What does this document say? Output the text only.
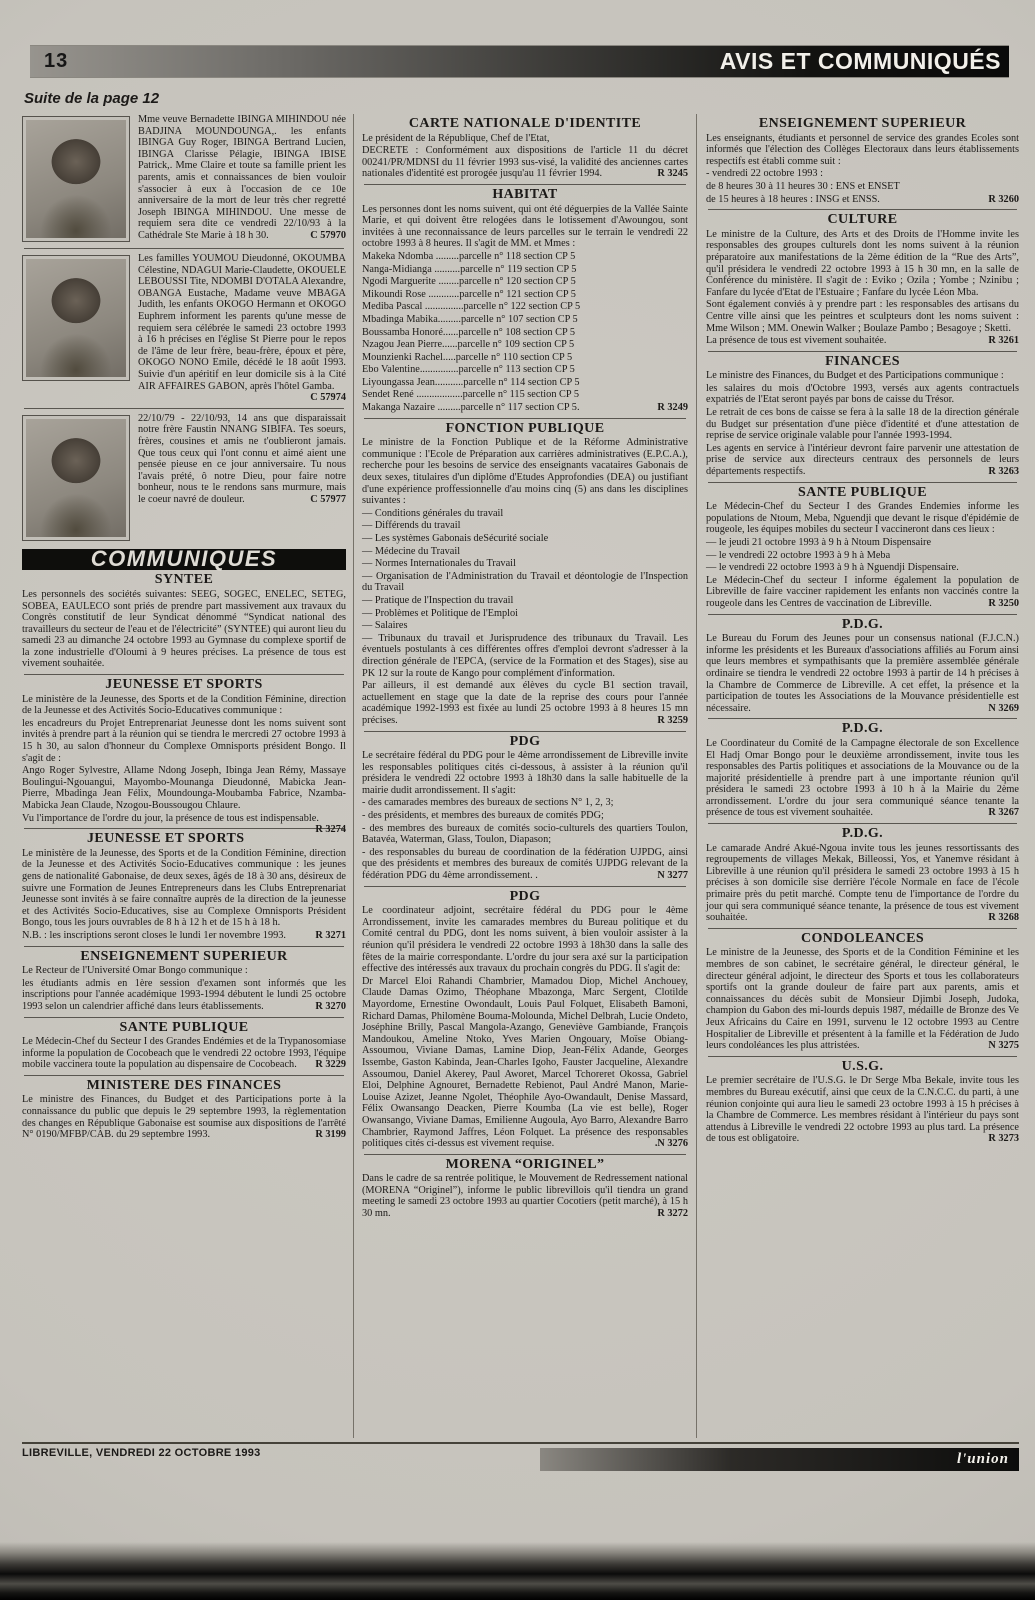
13	AVIS ET COMMUNIQUÉS
Suite de la page 12

Mme veuve Bernadette IBINGA MIHINDOU née BADJINA MOUNDOUNGA,. les enfants IBINGA Guy Roger, IBINGA Bertrand Lucien, IBINGA Clarisse Pélagie, IBINGA IBISE Patrick,. Mme Claire et toute sa famille prient les parents, amis et connaissances de bien vouloir s'associer à eux à l'occasion de ce 10e anniversaire de la mort de leur très cher regretté Joseph IBINGA MIHINDOU. Une messe de requiem sera dite ce vendredi 22/10/93 à la Cathédrale Ste Marie à 18 h 30.	C 57970

Les familles YOUMOU Dieudonné, OKOUMBA Célestine, NDAGUI Marie-Claudette, OKOUELE LEBOUSSI Tite, NDOMBI D'OTALA Alexandre, OBANGA Eustache, Madame veuve MBAGA Judith, les enfants OKOGO Hermann et OKOGO Euphrem informent les parents qu'une messe de requiem sera célébrée le samedi 23 octobre 1993 à 16 h précises en l'église St Pierre pour le repos de l'âme de leur frère, beau-frère, époux et père, OKOGO NONO Emile, décédé le 18 août 1993. Suivie d'un apéritif en leur domicile sis à la Cité AIR AFFAIRES GABON, après l'hôtel Gamba.
C 57974

22/10/79 - 22/10/93, 14 ans que disparaissait notre frère Faustin NNANG SIBIFA. Tes soeurs, frères, cousines et amis ne t'oublieront jamais. Que tous ceux qui l'ont connu et aimé aient une pensée pieuse en ce jour anniversaire. Tu nous l'avais prété, ô notre Dieu, pour faire notre bonheur, nous te le rendons sans murmure, mais le coeur navré de douleur.	C 57977

COMMUNIQUES
SYNTEE

Les personnels des sociétés suivantes: SEEG, SOGEC, ENELEC, SETEG, SOBEA, EAULECO sont priés de prendre part massivement aux travaux du Congrès constitutif de leur Syndicat dénommé “Syndicat national des travailleurs du secteur de l'eau et de l'électricité” (SYNTEE) qui auront lieu du samedi 23 au dimanche 24 octobre 1993 au Gymnase du complexe sportif de la zone industrielle d'Oloumi à 9 heures précises. La présence de tous est vivement souhaitée.

JEUNESSE ET SPORTS

Le ministère de la Jeunesse, des Sports et de la Condition Féminine, direction de la Jeunesse et des Activités Socio-Educatives communique :

les encadreurs du Projet Entreprenariat Jeunesse dont les noms suivent sont invités à prendre part à la réunion qui se tiendra le mercredi 27 octobre 1993 à 15 h 30, au salon d'honneur du Complexe Omnisports président Bongo. Il s'agit de :

Ango Roger Sylvestre, Allame Ndong Joseph, Ibinga Jean Rémy, Massaye Boulingui-Ngouangui, Mayombo-Mounanga Dieudonné, Mabicka Jean-Pierre, Mbadinga Jean Félix, Moundounga-Moubamba Fabrice, Nzamba-Mabicka Jean Claude, Nzogou-Boussougou Chlaure.

Vu l'importance de l'ordre du jour, la présence de tous est indispensable.
R 3274

JEUNESSE ET SPORTS

Le ministère de la Jeunesse, des Sports et de la Condition Féminine, direction de la Jeunesse et des Activités Socio-Educatives communique : les jeunes gens de nationalité Gabonaise, de deux sexes, âgés de 18 à 30 ans, désireux de suivre une Formation de Jeunes Entrepreneurs dans les Clubs Entreprenariat Jeunesse sont invités à se faire connaître auprès de la direction de la jeunesse et des Activités Socio-Educatives, sise au Complexe Omnisports Président Bongo, tous les jours ouvrables de 8 h à 12 h et de 15 h à 18 h.

N.B. : les inscriptions seront closes le lundi 1er novembre 1993.	R 3271

ENSEIGNEMENT SUPERIEUR

Le Recteur de l'Université Omar Bongo communique :

les étudiants admis en 1ère session d'examen sont informés que les inscriptions pour l'année académique 1993-1994 débutent le lundi 25 octobre 1993 selon un calendrier affiché dans leurs établissements.	R 3270

SANTE PUBLIQUE

Le Médecin-Chef du Secteur I des Grandes Endémies et de la Trypanosomiase informe la population de Cocobeach que le vendredi 22 octobre 1993, l'équipe mobile vaccinera toute la population au dispensaire de Cocobeach.	R 3229

MINISTERE DES FINANCES

Le ministre des Finances, du Budget et des Participations porte à la connaissance du public que depuis le 29 septembre 1993, la règlementation des changes en République Gabonaise est soumise aux dispositions de l'arrêté N° 0190/MFBP/CAB. du 29 septembre 1993.	R 3199

CARTE NATIONALE D'IDENTITE

Le président de la République, Chef de l'Etat,

DECRETE : Conformément aux dispositions de l'article 11 du décret 00241/PR/MDNSI du 11 février 1993 sus-visé, la validité des anciennes cartes nationales d'identité est prorogée jusqu'au 11 février 1994.	R 3245

HABITAT

Les personnes dont les noms suivent, qui ont été déguerpies de la Vallée Sainte Marie, et qui doivent être relogées dans le lotissement d'Awoungou, sont invitées à une reconnaissance de leurs parcelles sur le terrain le vendredi 22 octobre 1993 à 8 heures. Il s'agit de MM. et Mmes :

Makeka Ndomba .........parcelle n° 118 section CP 5

Nanga-Midianga ..........parcelle n° 119 section CP 5

Ngodi Marguerite ........parcelle n° 120 section CP 5

Mikoundi Rose ............parcelle n° 121 section CP 5

Mediba Pascal ...............parcelle n° 122 section CP 5

Mbadinga Mabika.........parcelle n° 107 section CP 5

Boussamba Honoré......parcelle n° 108 section CP 5

Nzagou Jean Pierre......parcelle n° 109 section CP 5

Mounzienki Rachel.....parcelle n° 110 section CP 5

Ebo Valentine...............parcelle n° 113 section CP 5

Liyoungassa Jean...........parcelle n° 114 section CP 5

Sendet René ..................parcelle n° 115 section CP 5

Makanga Nazaire .........parcelle n° 117 section CP 5.	R 3249

FONCTION PUBLIQUE

Le ministre de la Fonction Publique et de la Réforme Administrative communique : l'Ecole de Préparation aux carrières administratives (E.P.C.A.), recherche pour les besoins de service des enseignants vacataires Gabonais de deux sexes, titulaires d'un diplôme d'Etudes Approfondies (DEA) ou justifiant d'une expérience proffessionnelle d'au moins cinq (5) ans dans les disciplines suivantes :

— Conditions générales du travail

— Différends du travail

— Les systèmes Gabonais deSécurité sociale

— Médecine du Travail

— Normes Internationales du Travail

— Organisation de l'Administration du Travail et déontologie de l'Inspection du Travail

— Pratique de l'Inspection du travail

— Problèmes et Politique de l'Emploi

— Salaires

— Tribunaux du travail et Jurisprudence des tribunaux du Travail. Les éventuels postulants à ces différentes offres d'emploi devront s'adresser à la direction générale de l'EPCA, (service de la Formation et des Stages), sise au PK 12 sur la route de Kango pour complément d'information.

Par ailleurs, il est demandé aux élèves du cycle B1 section travail, actuellement en stage que la date de la reprise des cours pour l'année académique 1992-1993 est fixée au lundi 25 octobre 1993 à 8 heures 15 mn précises.	R 3259

PDG

Le secrétaire fédéral du PDG pour le 4ème arrondissement de Libreville invite les responsables politiques cités ci-dessous, à assister à la réunion qu'il présidera le vendredi 22 octobre 1993 à 18h30 dans la salle habituelle de la mairie dudit arrondissement. Il s'agit:

- des camarades membres des bureaux de sections N° 1, 2, 3;

- des présidents, et membres des bureaux de comités PDG;

- des membres des bureaux de comités socio-culturels des quartiers Toulon, Batavéa, Waterman, Glass, Toulon, Diapason;

- des responsables du bureau de coordination de la fédération UJPDG, ainsi que des présidents et membres des bureaux de comités UJPDG relevant de la fédération PDG du 4ème arrondissement. .	N 3277

PDG

Le coordinateur adjoint, secrétaire fédéral du PDG pour le 4ème Arrondissement, invite les camarades membres du Bureau politique et du Comité central du PDG, dont les noms suivent, à bien vouloir assister à la réunion qu'il présidera le vendredi 22 octobre 1993 à 18h30 dans la salle des fêtes de la mairie correspondante. L'ordre du jour sera axé sur la participation effective des intéressés aux travaux du prochain congrès du PDG. Il s'agit de:

Dr Marcel Eloi Rahandi Chambrier, Mamadou Diop, Michel Anchouey, Claude Damas Ozimo, Théophane Mbazonga, Marc Sergent, Clotilde Mayordome, Ernestine Owondault, Louis Paul Folquet, Elisabeth Bamoni, Richard Damas, Philomène Bouma-Molounda, Michel Delbrah, Lucie Ondeto, Joséphine Brilly, Pascal Mangola-Azango, Geneviève Gambiande, François Mandoukou, Ameline Ntoko, Yves Marien Ongouary, Moïse Obiang-Assoumou, Viviane Damas, Lamine Diop, Jean-Félix Adande, Georges Issembe, Gaston Kabinda, Jean-Charles Igoho, Fauster Jacqueline, Alexandre Assoumou, Daniel Akerey, Paul Aworet, Marcel Tchoreret Okossa, Gabriel Eloi, Delphine Agnouret, Bernadette Rebienot, Paul André Manon, Marie-Louise Azizet, Jeanne Ngolet, Théophile Ayo-Owandault, Denise Massard, Félix Owansango Deacken, Pierre Koumba (La vie est belle), Roger Owansango, Viviane Damas, Emilienne Augoula, Ayo Barro, Alexandre Barro Chambrier, Raymond Jaffres, Léon Folquet. La présence des responsables politiques cités ci-dessus est vivement requise.	.N 3276

MORENA “ORIGINEL”

Dans le cadre de sa rentrée politique, le Mouvement de Redressement national (MORENA “Originel”), informe le public librevillois qu'il tiendra un grand meeting le samedi 23 octobre 1993 au quartier Cocotiers (petit marché), à 15 h 30 mn.	R 3272

ENSEIGNEMENT SUPERIEUR

Les enseignants, étudiants et personnel de service des grandes Ecoles sont informés que l'élection des Collèges Electoraux dans leurs établissements respectifs est établi comme suit :

- vendredi 22 octobre 1993 :

de 8 heures 30 à 11 heures 30 : ENS et ENSET

de 15 heures à 18 heures : INSG et ENSS.	R 3260

CULTURE

Le ministre de la Culture, des Arts et des Droits de l'Homme invite les responsables des groupes culturels dont les noms suivent à la réunion préparatoire aux manifestations de la 2ème édition de la “Rue des Arts”, qu'il présidera le vendredi 22 octobre 1993 à 15 h 30 mn, en la salle de Conférence du ministère. Il s'agit de : Eviko ; Ozila ; Yombe ; Nzinibu ; Fanfare du lycée d'Etat de l'Estuaire ; Fanfare du lycée Léon Mba.

Sont également conviés à y prendre part : les responsables des artisans du Centre ville ainsi que les peintres et sculpteurs dont les noms suivent : Mme Wilson ; MM. Onewin Walker ; Boulaze Pambo ; Besagoye ; Sketti.

La présence de tous est vivement souhaitée.	R 3261

FINANCES

Le ministre des Finances, du Budget et des Participations communique :

les salaires du mois d'Octobre 1993, versés aux agents contractuels expatriés de l'Etat seront payés par bons de caisse du Trésor.

Le retrait de ces bons de caisse se fera à la salle 18 de la direction générale du Budget sur présentation d'une pièce d'identité et d'une attestation de reprise de service originale valable pour l'année 1993-1994.

Les agents en service à l'intérieur devront faire parvenir une attestation de prise de service aux directeurs centraux des personnels de leurs départements respectifs.	R 3263

SANTE PUBLIQUE

Le Médecin-Chef du Secteur I des Grandes Endemies informe les populations de Ntoum, Meba, Nguendji que devant le risque d'épidémie de rougeole, les équipes mobiles du secteur I vaccineront dans ces lieux :

— le jeudi 21 octobre 1993 à 9 h à Ntoum Dispensaire

— le vendredi 22 octobre 1993 à 9 h à Meba

— le vendredi 22 octobre 1993 à 9 h à Nguendji Dispensaire.

Le Médecin-Chef du secteur I informe également la population de Libreville de faire vacciner rapidement les enfants non vaccinés contre la rougeole dans les Centres de vaccination de Libreville.	R 3250

P.D.G.

Le Bureau du Forum des Jeunes pour un consensus national (F.J.C.N.) informe les présidents et les Bureaux d'associations affiliés au Forum ainsi que leurs membres et sympathisants que la première assemblée générale ordinaire se tiendra le vendredi 22 octobre 1993 à partir de 14 h précises à la Chambre de Commerce de Libreville. A cet effet, la présence et la participation de toutes les Associations de la Mouvance présidentielle est nécessaire.	N 3269

P.D.G.

Le Coordinateur du Comité de la Campagne électorale de son Excellence El Hadj Omar Bongo pour le deuxième arrondissement, invite tous les responsables des Partis politiques et associations de la Mouvance ou de la majorité présidentielle à prendre part à une importante réunion qu'il présidera le samedi 23 octobre 1993 à 10 h à la Mairie du 2ème arrondissement. L'ordre du jour sera communiqué séance tenante la présence de tous est vivement souhaitée.	R 3267

P.D.G.

Le camarade André Akué-Ngoua invite tous les jeunes ressortissants des regroupements de villages Mekak, Billeossi, Yos, et Yanemve résidant à Libreville à une réunion qu'il présidera le samedi 23 octobre 1993 à 15 h précises à son domicile sise derrière l'école Normale en face de l'école primaire près du petit marché. Compte tenu de l'importance de l'ordre du jour qui sera communiqué séance tenante, la présence de tous est vivement souhaitée.	R 3268

CONDOLEANCES

Le ministre de la Jeunesse, des Sports et de la Condition Féminine et les membres de son cabinet, le secrétaire général, le directeur général, le directeur général adjoint, le directeur des Sports et tous les collaborateurs sportifs ont la grande douleur de faire part aux parents, amis et connaissances du décès subit de Monsieur Djimbi Joseph, Judoka, champion du Gabon des mi-lourds depuis 1987, médaille de Bronze des Ve Jeux Africains du Caire en 1991, survenu le 12 octobre 1993 au Centre Hospitalier de Libreville et présentent à la famille et la Fédération de Judo leurs condoléances les plus attristées.	N 3275

U.S.G.

Le premier secrétaire de l'U.S.G. le Dr Serge Mba Bekale, invite tous les membres du Bureau exécutif, ainsi que ceux de la C.N.C.C. du parti, à une réunion conjointe qui aura lieu le samedi 23 octobre 1993 à 15 h précises à la Chambre de Commerce. Les membres résidant à l'intérieur du pays sont attendus à Libreville le vendredi 22 octobre 1993 au plus tard. La présence de tous est obligatoire.	R 3273

LIBREVILLE, VENDREDI 22 OCTOBRE 1993	l'union
